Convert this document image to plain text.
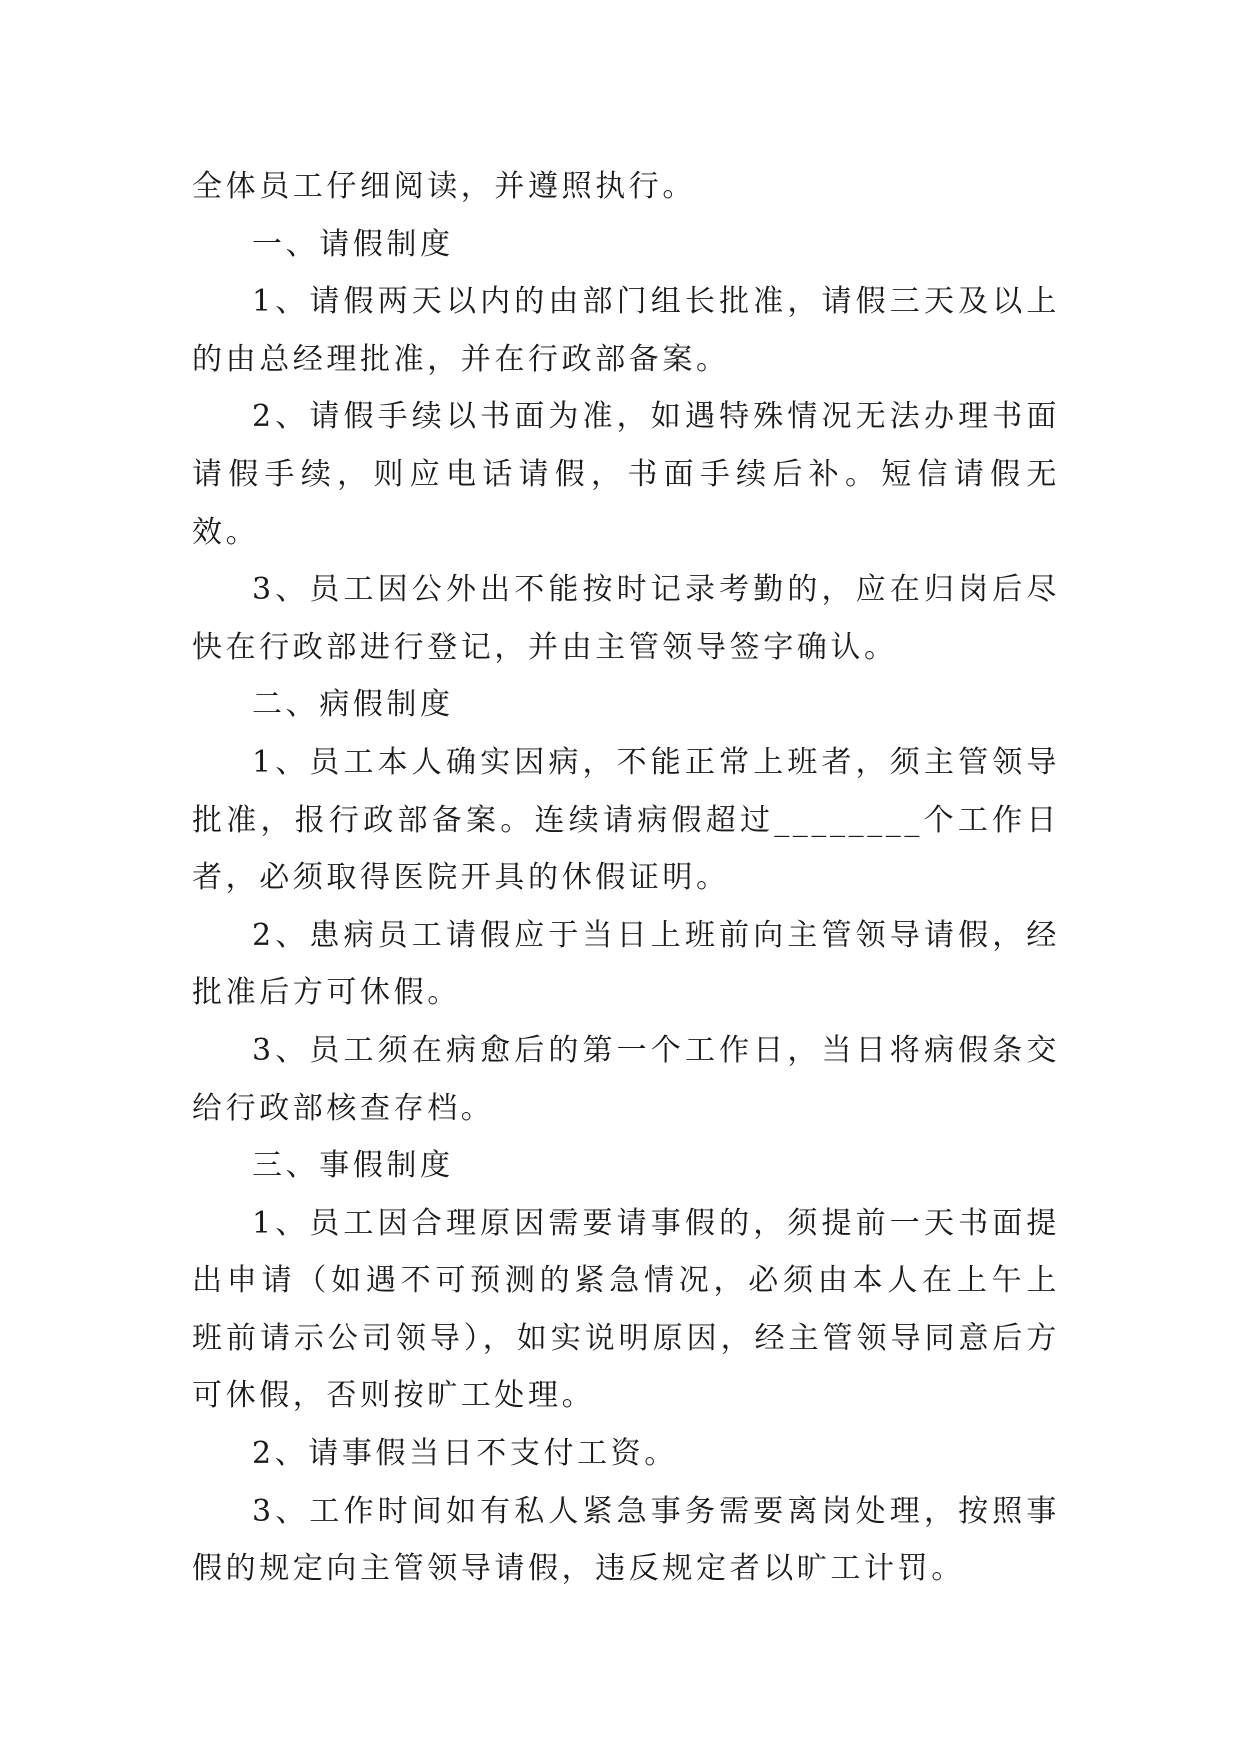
全体员工仔细阅读，并遵照执行。

一、请假制度

1、请假两天以内的由部门组长批准，请假三天及以上的由总经理批准，并在行政部备案。

2、请假手续以书面为准，如遇特殊情况无法办理书面请假手续，则应电话请假，书面手续后补。短信请假无效。

3、员工因公外出不能按时记录考勤的，应在归岗后尽快在行政部进行登记，并由主管领导签字确认。

二、病假制度

1、员工本人确实因病，不能正常上班者，须主管领导批准，报行政部备案。连续请病假超过________个工作日者，必须取得医院开具的休假证明。

2、患病员工请假应于当日上班前向主管领导请假，经批准后方可休假。

3、员工须在病愈后的第一个工作日，当日将病假条交给行政部核查存档。

三、事假制度

1、员工因合理原因需要请事假的，须提前一天书面提出申请（如遇不可预测的紧急情况，必须由本人在上午上班前请示公司领导），如实说明原因，经主管领导同意后方可休假，否则按旷工处理。

2、请事假当日不支付工资。

3、工作时间如有私人紧急事务需要离岗处理，按照事假的规定向主管领导请假，违反规定者以旷工计罚。
